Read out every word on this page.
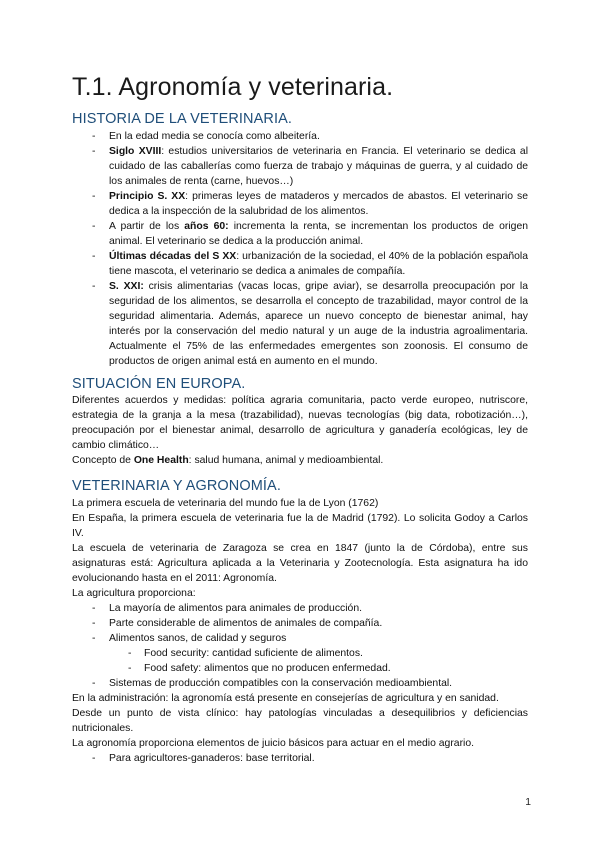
T.1. Agronomía y veterinaria.
HISTORIA DE LA VETERINARIA.
- En la edad media se conocía como albeitería.
- Siglo XVIII: estudios universitarios de veterinaria en Francia. El veterinario se dedica al cuidado de las caballerías como fuerza de trabajo y máquinas de guerra, y al cuidado de los animales de renta (carne, huevos…)
- Principio S. XX: primeras leyes de mataderos y mercados de abastos. El veterinario se dedica a la inspección de la salubridad de los alimentos.
- A partir de los años 60: incrementa la renta, se incrementan los productos de origen animal. El veterinario se dedica a la producción animal.
- Últimas décadas del S XX: urbanización de la sociedad, el 40% de la población española tiene mascota, el veterinario se dedica a animales de compañía.
- S. XXI: crisis alimentarias (vacas locas, gripe aviar), se desarrolla preocupación por la seguridad de los alimentos, se desarrolla el concepto de trazabilidad, mayor control de la seguridad alimentaria. Además, aparece un nuevo concepto de bienestar animal, hay interés por la conservación del medio natural y un auge de la industria agroalimentaria. Actualmente el 75% de las enfermedades emergentes son zoonosis. El consumo de productos de origen animal está en aumento en el mundo.
SITUACIÓN EN EUROPA.

Diferentes acuerdos y medidas: política agraria comunitaria, pacto verde europeo, nutriscore, estrategia de la granja a la mesa (trazabilidad), nuevas tecnologías (big data, robotización…), preocupación por el bienestar animal, desarrollo de agricultura y ganadería ecológicas, ley de cambio climático…

Concepto de One Health: salud humana, animal y medioambiental.

VETERINARIA Y AGRONOMÍA.

La primera escuela de veterinaria del mundo fue la de Lyon (1762)

En España, la primera escuela de veterinaria fue la de Madrid (1792). Lo solicita Godoy a Carlos IV.

La escuela de veterinaria de Zaragoza se crea en 1847 (junto la de Córdoba), entre sus asignaturas está: Agricultura aplicada a la Veterinaria y Zootecnología. Esta asignatura ha ido evolucionando hasta en el 2011: Agronomía.

La agricultura proporciona:

- La mayoría de alimentos para animales de producción.
- Parte considerable de alimentos de animales de compañía.
- Alimentos sanos, de calidad y seguros
- Food security: cantidad suficiente de alimentos.
- Food safety: alimentos que no producen enfermedad.
- Sistemas de producción compatibles con la conservación medioambiental.

En la administración: la agronomía está presente en consejerías de agricultura y en sanidad.

Desde un punto de vista clínico: hay patologías vinculadas a desequilibrios y deficiencias nutricionales.

La agronomía proporciona elementos de juicio básicos para actuar en el medio agrario.

- Para agricultores-ganaderos: base territorial.
1
